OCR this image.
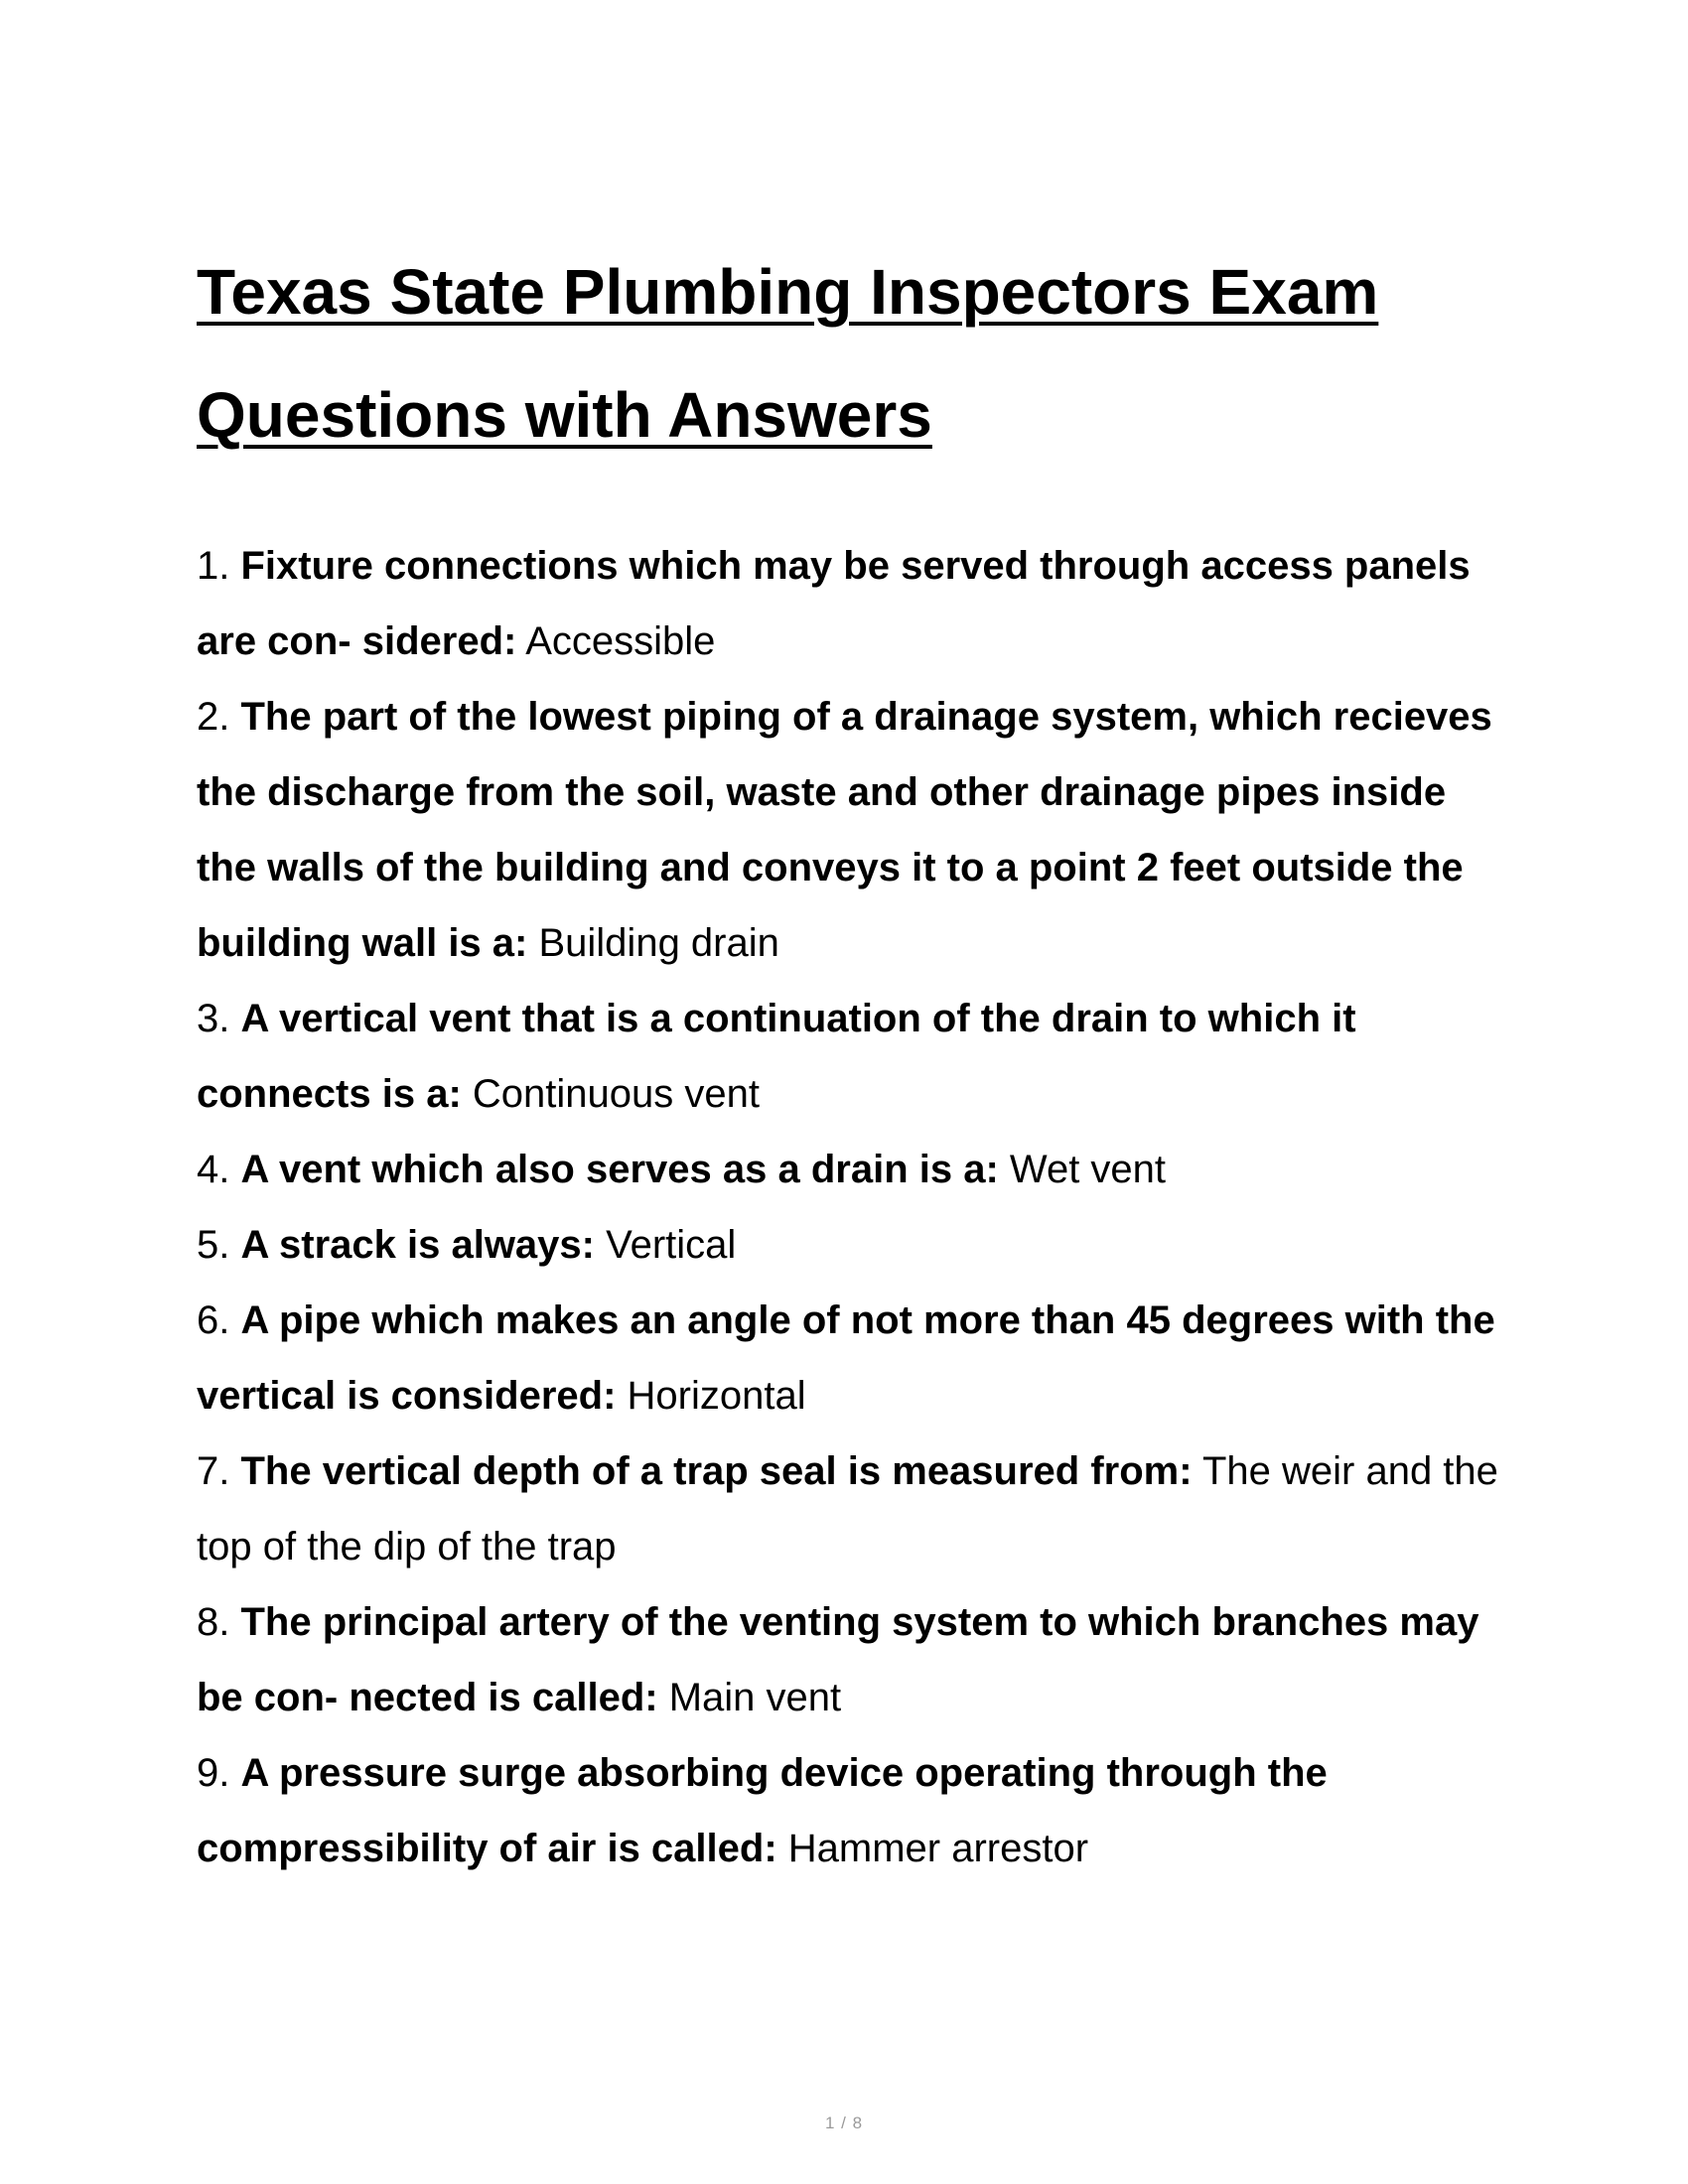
Texas State Plumbing Inspectors Exam Questions with Answers
1. Fixture connections which may be served through access panels are con- sidered: Accessible
2. The part of the lowest piping of a drainage system, which recieves the discharge from the soil, waste and other drainage pipes inside the walls of the building and conveys it to a point 2 feet outside the building wall is a: Building drain
3. A vertical vent that is a continuation of the drain to which it connects is a: Continuous vent
4. A vent which also serves as a drain is a: Wet vent
5. A strack is always: Vertical
6. A pipe which makes an angle of not more than 45 degrees with the vertical is considered: Horizontal
7. The vertical depth of a trap seal is measured from: The weir and the top of the dip of the trap
8. The principal artery of the venting system to which branches may be con- nected is called: Main vent
9. A pressure surge absorbing device operating through the compressibility of air is called: Hammer arrestor
1 / 8
